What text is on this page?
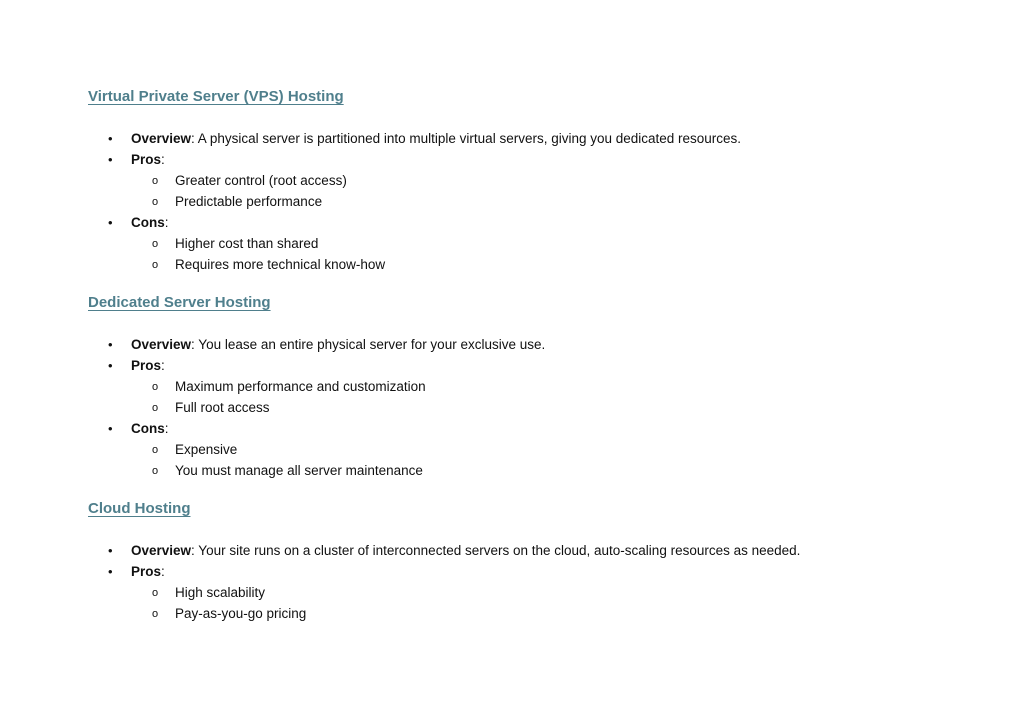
Virtual Private Server (VPS) Hosting
• Overview: A physical server is partitioned into multiple virtual servers, giving you dedicated resources.
• Pros:
o Greater control (root access)
o Predictable performance
• Cons:
o Higher cost than shared
o Requires more technical know-how
Dedicated Server Hosting
• Overview: You lease an entire physical server for your exclusive use.
• Pros:
o Maximum performance and customization
o Full root access
• Cons:
o Expensive
o You must manage all server maintenance
Cloud Hosting
• Overview: Your site runs on a cluster of interconnected servers on the cloud, auto-scaling resources as needed.
• Pros:
o High scalability
o Pay-as-you-go pricing
